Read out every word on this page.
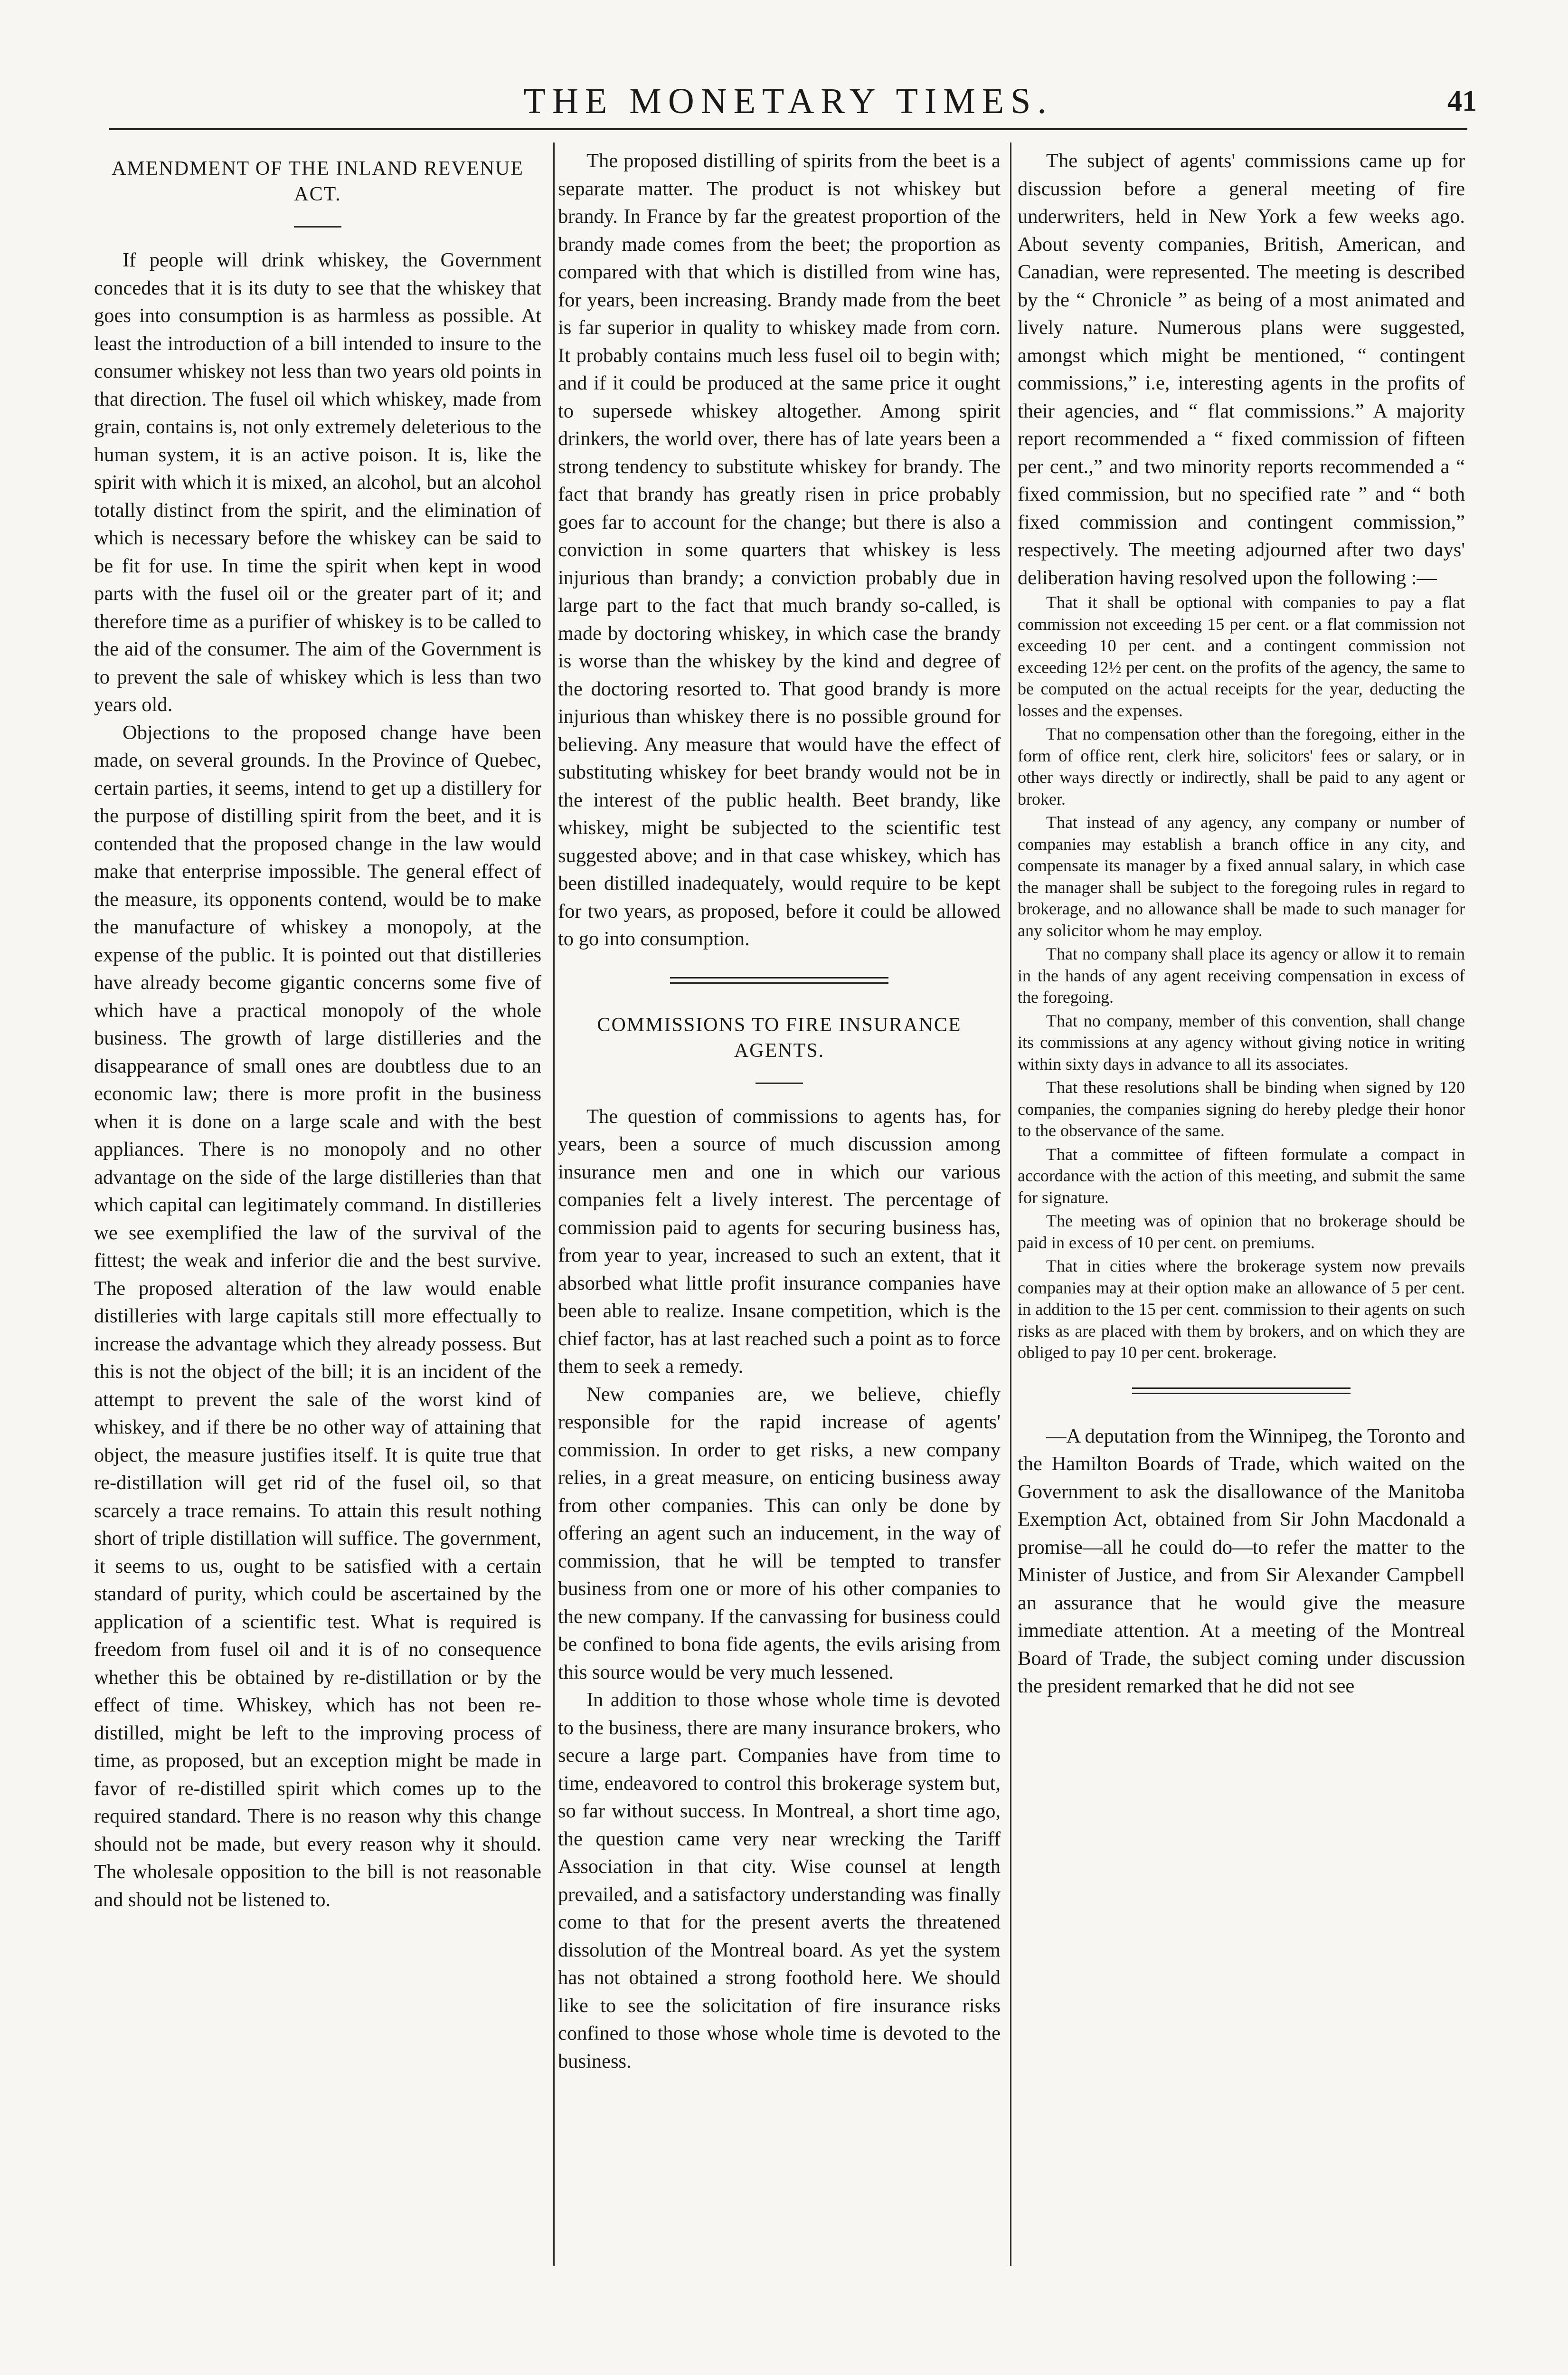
THE MONETARY TIMES.	41
AMENDMENT OF THE INLAND REVENUE ACT.

If people will drink whiskey, the Government concedes that it is its duty to see that the whiskey that goes into consumption is as harmless as possible. At least the introduction of a bill intended to insure to the consumer whiskey not less than two years old points in that direction. The fusel oil which whiskey, made from grain, contains is, not only extremely deleterious to the human system, it is an active poison. It is, like the spirit with which it is mixed, an alcohol, but an alcohol totally distinct from the spirit, and the elimination of which is necessary before the whiskey can be said to be fit for use. In time the spirit when kept in wood parts with the fusel oil or the greater part of it; and therefore time as a purifier of whiskey is to be called to the aid of the consumer. The aim of the Government is to prevent the sale of whiskey which is less than two years old.

Objections to the proposed change have been made, on several grounds. In the Province of Quebec, certain parties, it seems, intend to get up a distillery for the purpose of distilling spirit from the beet, and it is contended that the proposed change in the law would make that enterprise impossible. The general effect of the measure, its opponents contend, would be to make the manufacture of whiskey a monopoly, at the expense of the public. It is pointed out that distilleries have already become gigantic concerns some five of which have a practical monopoly of the whole business. The growth of large distilleries and the disappearance of small ones are doubtless due to an economic law; there is more profit in the business when it is done on a large scale and with the best appliances. There is no monopoly and no other advantage on the side of the large distilleries than that which capital can legitimately command. In distilleries we see exemplified the law of the survival of the fittest; the weak and inferior die and the best survive. The proposed alteration of the law would enable distilleries with large capitals still more effectually to increase the advantage which they already possess. But this is not the object of the bill; it is an incident of the attempt to prevent the sale of the worst kind of whiskey, and if there be no other way of attaining that object, the measure justifies itself. It is quite true that re-distillation will get rid of the fusel oil, so that scarcely a trace remains. To attain this result nothing short of triple distillation will suffice. The government, it seems to us, ought to be satisfied with a certain standard of purity, which could be ascertained by the application of a scientific test. What is required is freedom from fusel oil and it is of no consequence whether this be obtained by re-distillation or by the effect of time. Whiskey, which has not been re-distilled, might be left to the improving process of time, as proposed, but an exception might be made in favor of re-distilled spirit which comes up to the required standard. There is no reason why this change should not be made, but every reason why it should. The wholesale opposition to the bill is not reasonable and should not be listened to.

The proposed distilling of spirits from the beet is a separate matter. The product is not whiskey but brandy. In France by far the greatest proportion of the brandy made comes from the beet; the proportion as compared with that which is distilled from wine has, for years, been increasing. Brandy made from the beet is far superior in quality to whiskey made from corn. It probably contains much less fusel oil to begin with; and if it could be produced at the same price it ought to supersede whiskey altogether. Among spirit drinkers, the world over, there has of late years been a strong tendency to substitute whiskey for brandy. The fact that brandy has greatly risen in price probably goes far to account for the change; but there is also a conviction in some quarters that whiskey is less injurious than brandy; a conviction probably due in large part to the fact that much brandy so-called, is made by doctoring whiskey, in which case the brandy is worse than the whiskey by the kind and degree of the doctoring resorted to. That good brandy is more injurious than whiskey there is no possible ground for believing. Any measure that would have the effect of substituting whiskey for beet brandy would not be in the interest of the public health. Beet brandy, like whiskey, might be subjected to the scientific test suggested above; and in that case whiskey, which has been distilled inadequately, would require to be kept for two years, as proposed, before it could be allowed to go into consumption.

COMMISSIONS TO FIRE INSURANCE AGENTS.

The question of commissions to agents has, for years, been a source of much discussion among insurance men and one in which our various companies felt a lively interest. The percentage of commission paid to agents for securing business has, from year to year, increased to such an extent, that it absorbed what little profit insurance companies have been able to realize. Insane competition, which is the chief factor, has at last reached such a point as to force them to seek a remedy.

New companies are, we believe, chiefly responsible for the rapid increase of agents' commission. In order to get risks, a new company relies, in a great measure, on enticing business away from other companies. This can only be done by offering an agent such an inducement, in the way of commission, that he will be tempted to transfer business from one or more of his other companies to the new company. If the canvassing for business could be confined to bona fide agents, the evils arising from this source would be very much lessened.

In addition to those whose whole time is devoted to the business, there are many insurance brokers, who secure a large part. Companies have from time to time, endeavored to control this brokerage system but, so far without success. In Montreal, a short time ago, the question came very near wrecking the Tariff Association in that city. Wise counsel at length prevailed, and a satisfactory understanding was finally come to that for the present averts the threatened dissolution of the Montreal board. As yet the system has not obtained a strong foothold here. We should like to see the solicitation of fire insurance risks confined to those whose whole time is devoted to the business.

The subject of agents' commissions came up for discussion before a general meeting of fire underwriters, held in New York a few weeks ago. About seventy companies, British, American, and Canadian, were represented. The meeting is described by the “ Chronicle ” as being of a most animated and lively nature. Numerous plans were suggested, amongst which might be mentioned, “ contingent commissions,” i.e, interesting agents in the profits of their agencies, and “ flat commissions.” A majority report recommended a “ fixed commission of fifteen per cent.,” and two minority reports recommended a “ fixed commission, but no specified rate ” and “ both fixed commission and contingent commission,” respectively. The meeting adjourned after two days' deliberation having resolved upon the following :—

That it shall be optional with companies to pay a flat commission not exceeding 15 per cent. or a flat commission not exceeding 10 per cent. and a contingent commission not exceeding 12½ per cent. on the profits of the agency, the same to be computed on the actual receipts for the year, deducting the losses and the expenses.

That no compensation other than the foregoing, either in the form of office rent, clerk hire, solicitors' fees or salary, or in other ways directly or indirectly, shall be paid to any agent or broker.

That instead of any agency, any company or number of companies may establish a branch office in any city, and compensate its manager by a fixed annual salary, in which case the manager shall be subject to the foregoing rules in regard to brokerage, and no allowance shall be made to such manager for any solicitor whom he may employ.

That no company shall place its agency or allow it to remain in the hands of any agent receiving compensation in excess of the foregoing.

That no company, member of this convention, shall change its commissions at any agency without giving notice in writing within sixty days in advance to all its associates.

That these resolutions shall be binding when signed by 120 companies, the companies signing do hereby pledge their honor to the observance of the same.

That a committee of fifteen formulate a compact in accordance with the action of this meeting, and submit the same for signature.

The meeting was of opinion that no brokerage should be paid in excess of 10 per cent. on premiums.

That in cities where the brokerage system now prevails companies may at their option make an allowance of 5 per cent. in addition to the 15 per cent. commission to their agents on such risks as are placed with them by brokers, and on which they are obliged to pay 10 per cent. brokerage.

—A deputation from the Winnipeg, the Toronto and the Hamilton Boards of Trade, which waited on the Government to ask the disallowance of the Manitoba Exemption Act, obtained from Sir John Macdonald a promise—all he could do—to refer the matter to the Minister of Justice, and from Sir Alexander Campbell an assurance that he would give the measure immediate attention. At a meeting of the Montreal Board of Trade, the subject coming under discussion the president remarked that he did not see
